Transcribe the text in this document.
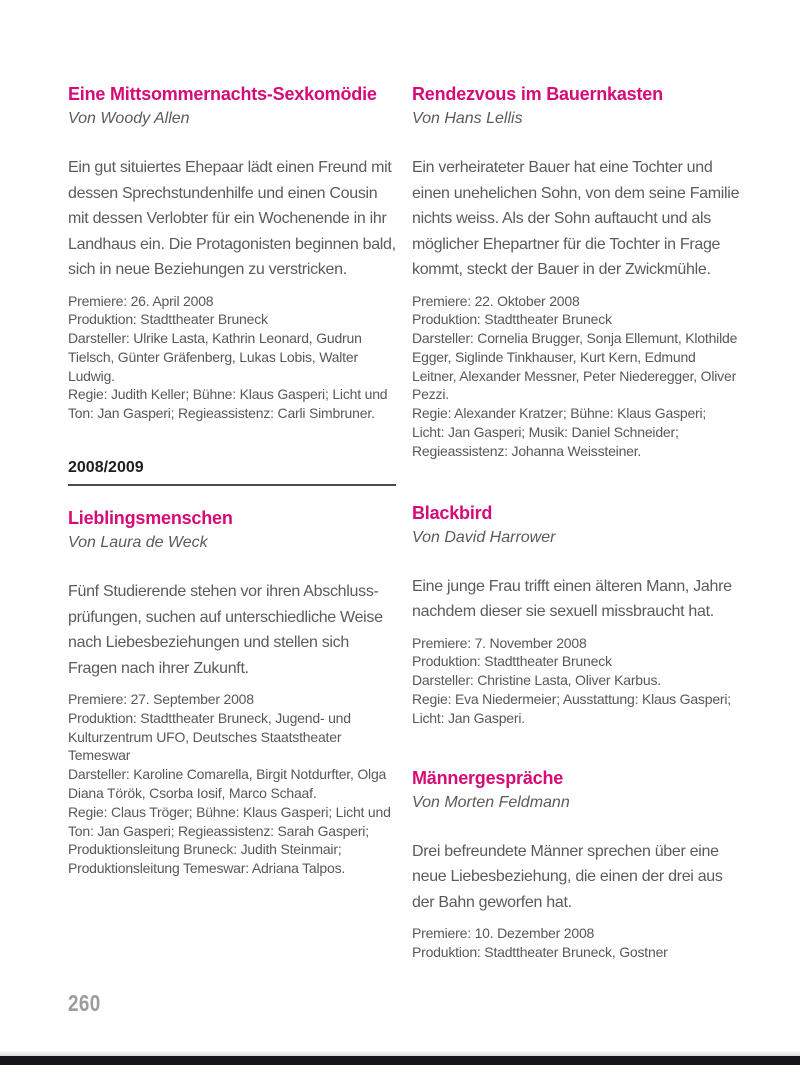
Eine Mittsommernachts-Sexkomödie
Von Woody Allen

Ein gut situiertes Ehepaar lädt einen Freund mit dessen Sprechstundenhilfe und einen Cousin mit dessen Verlobter für ein Wochenende in ihr Landhaus ein. Die Protagonisten beginnen bald, sich in neue Beziehungen zu verstricken.

Premiere: 26. April 2008
Produktion: Stadttheater Bruneck
Darsteller: Ulrike Lasta, Kathrin Leonard, Gudrun Tielsch, Günter Gräfenberg, Lukas Lobis, Walter Ludwig.
Regie: Judith Keller; Bühne: Klaus Gasperi; Licht und Ton: Jan Gasperi; Regieassistenz: Carli Simbruner.
2008/2009
Lieblingsmenschen
Von Laura de Weck

Fünf Studierende stehen vor ihren Abschluss-prüfungen, suchen auf unterschiedliche Weise nach Liebesbeziehungen und stellen sich Fragen nach ihrer Zukunft.

Premiere: 27. September 2008
Produktion: Stadttheater Bruneck, Jugend- und Kulturzentrum UFO, Deutsches Staatstheater Temeswar
Darsteller: Karoline Comarella, Birgit Notdurfter, Olga Diana Török, Csorba Iosif, Marco Schaaf.
Regie: Claus Tröger; Bühne: Klaus Gasperi; Licht und Ton: Jan Gasperi; Regieassistenz: Sarah Gasperi; Produktionsleitung Bruneck: Judith Steinmair; Produktionsleitung Temeswar: Adriana Talpos.
Rendezvous im Bauernkasten
Von Hans Lellis

Ein verheirateter Bauer hat eine Tochter und einen unehelichen Sohn, von dem seine Familie nichts weiss. Als der Sohn auftaucht und als möglicher Ehepartner für die Tochter in Frage kommt, steckt der Bauer in der Zwickmühle.

Premiere: 22. Oktober 2008
Produktion: Stadttheater Bruneck
Darsteller: Cornelia Brugger, Sonja Ellemunt, Klothilde Egger, Siglinde Tinkhauser, Kurt Kern, Edmund Leitner, Alexander Messner, Peter Niederegger, Oliver Pezzi.
Regie: Alexander Kratzer; Bühne: Klaus Gasperi; Licht: Jan Gasperi; Musik: Daniel Schneider; Regieassistenz: Johanna Weissteiner.
Blackbird
Von David Harrower

Eine junge Frau trifft einen älteren Mann, Jahre nachdem dieser sie sexuell missbraucht hat.

Premiere: 7. November 2008
Produktion: Stadttheater Bruneck
Darsteller: Christine Lasta, Oliver Karbus.
Regie: Eva Niedermeier; Ausstattung: Klaus Gasperi; Licht: Jan Gasperi.
Männergespräche
Von Morten Feldmann

Drei befreundete Männer sprechen über eine neue Liebesbeziehung, die einen der drei aus der Bahn geworfen hat.

Premiere: 10. Dezember 2008
Produktion: Stadttheater Bruneck, Gostner
260
